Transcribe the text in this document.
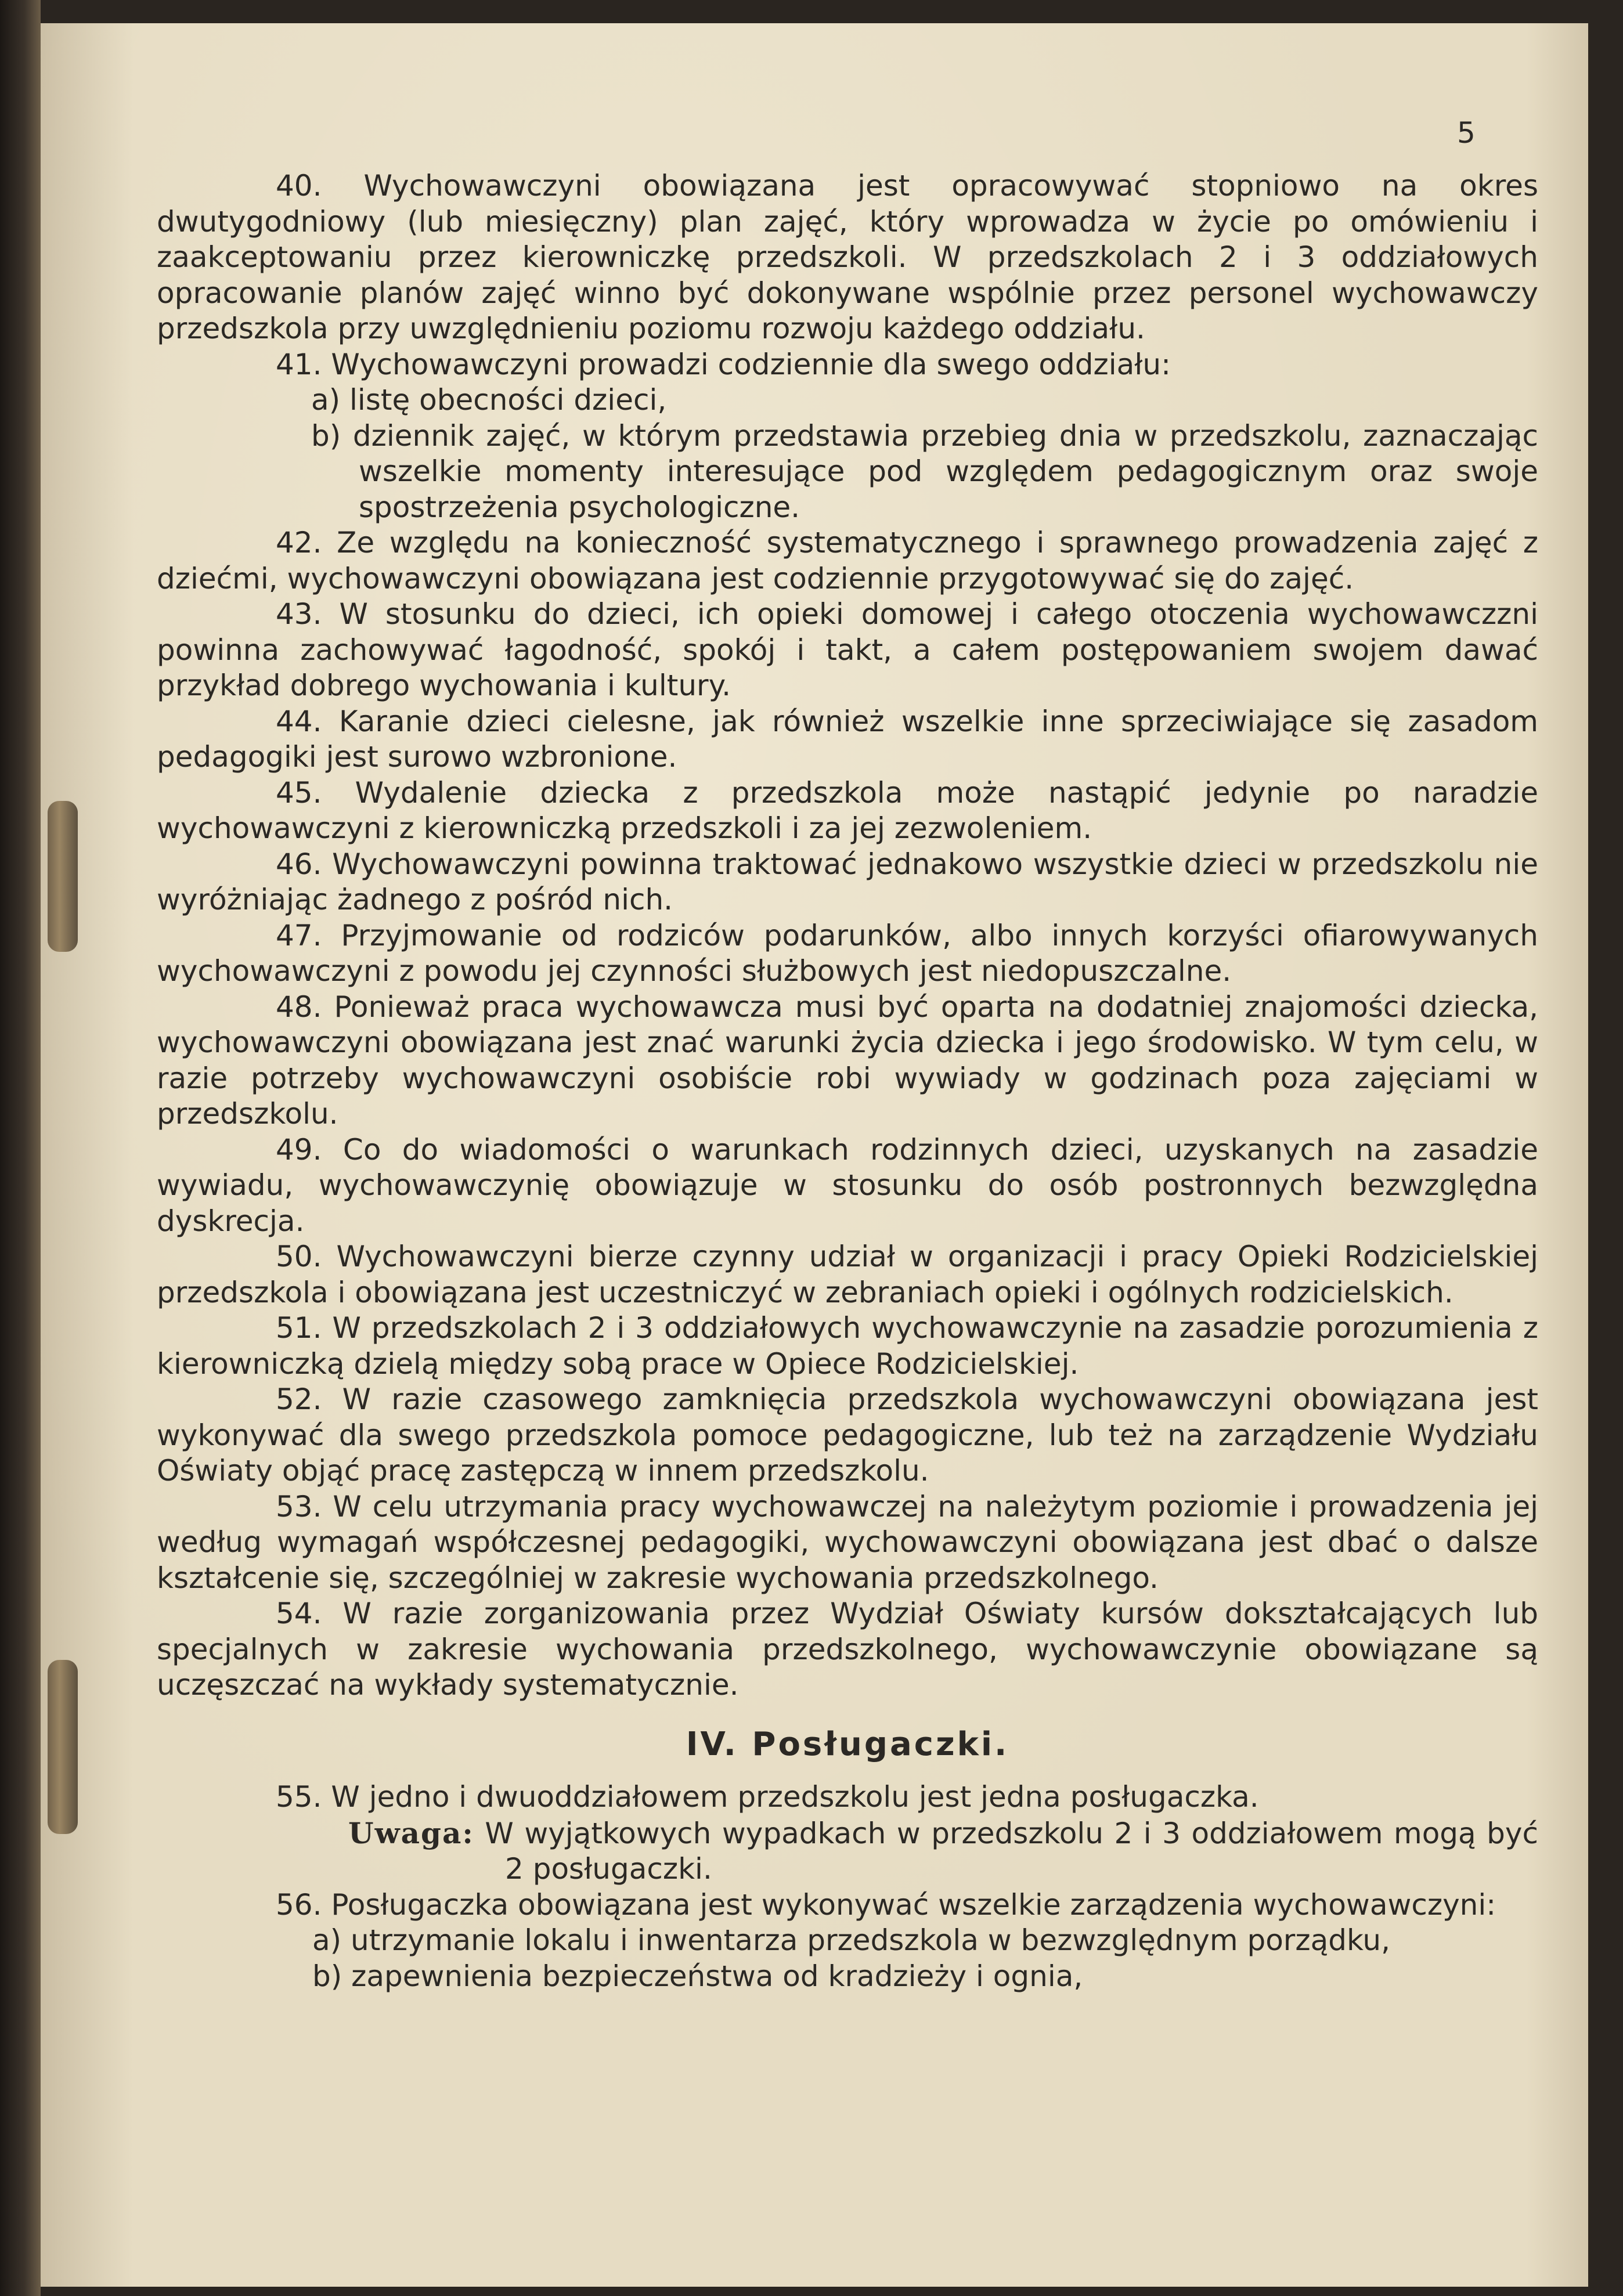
5

40. Wychowawczyni obowiązana jest opracowywać stopniowo na okres dwutygodniowy (lub miesięczny) plan zajęć, który wprowadza w życie po omówieniu i zaakceptowaniu przez kierowniczkę przedszkoli. W przedszkolach 2 i 3 oddziałowych opracowanie planów zajęć winno być dokonywane wspólnie przez personel wychowawczy przedszkola przy uwzględnieniu poziomu rozwoju każdego oddziału.

41. Wychowawczyni prowadzi codziennie dla swego oddziału:

a) listę obecności dzieci,

b) dziennik zajęć, w którym przedstawia przebieg dnia w przedszkolu, zaznaczając wszelkie momenty interesujące pod względem pedagogicznym oraz swoje spostrzeżenia psychologiczne.

42. Ze względu na konieczność systematycznego i sprawnego prowadzenia zajęć z dziećmi, wychowawczyni obowiązana jest codziennie przygotowywać się do zajęć.

43. W stosunku do dzieci, ich opieki domowej i całego otoczenia wychowawczzni powinna zachowywać łagodność, spokój i takt, a całem postępowaniem swojem dawać przykład dobrego wychowania i kultury.

44. Karanie dzieci cielesne, jak również wszelkie inne sprzeciwiające się zasadom pedagogiki jest surowo wzbronione.

45. Wydalenie dziecka z przedszkola może nastąpić jedynie po naradzie wychowawczyni z kierowniczką przedszkoli i za jej zezwoleniem.

46. Wychowawczyni powinna traktować jednakowo wszystkie dzieci w przedszkolu nie wyróżniając żadnego z pośród nich.

47. Przyjmowanie od rodziców podarunków, albo innych korzyści ofiarowywanych wychowawczyni z powodu jej czynności służbowych jest niedopuszczalne.

48. Ponieważ praca wychowawcza musi być oparta na dodatniej znajomości dziecka, wychowawczyni obowiązana jest znać warunki życia dziecka i jego środowisko. W tym celu, w razie potrzeby wychowawczyni osobiście robi wywiady w godzinach poza zajęciami w przedszkolu.

49. Co do wiadomości o warunkach rodzinnych dzieci, uzyskanych na zasadzie wywiadu, wychowawczynię obowiązuje w stosunku do osób postronnych bezwzględna dyskrecja.

50. Wychowawczyni bierze czynny udział w organizacji i pracy Opieki Rodzicielskiej przedszkola i obowiązana jest uczestniczyć w zebraniach opieki i ogólnych rodzicielskich.

51. W przedszkolach 2 i 3 oddziałowych wychowawczynie na zasadzie porozumienia z kierowniczką dzielą między sobą prace w Opiece Rodzicielskiej.

52. W razie czasowego zamknięcia przedszkola wychowawczyni obowiązana jest wykonywać dla swego przedszkola pomoce pedagogiczne, lub też na zarządzenie Wydziału Oświaty objąć pracę zastępczą w innem przedszkolu.

53. W celu utrzymania pracy wychowawczej na należytym poziomie i prowadzenia jej według wymagań współczesnej pedagogiki, wychowawczyni obowiązana jest dbać o dalsze kształcenie się, szczególniej w zakresie wychowania przedszkolnego.

54. W razie zorganizowania przez Wydział Oświaty kursów dokształcających lub specjalnych w zakresie wychowania przedszkolnego, wychowawczynie obowiązane są uczęszczać na wykłady systematycznie.

IV. Posługaczki.

55. W jedno i dwuoddziałowem przedszkolu jest jedna posługaczka.

Uwaga: W wyjątkowych wypadkach w przedszkolu 2 i 3 oddziałowem mogą być 2 posługaczki.

56. Posługaczka obowiązana jest wykonywać wszelkie zarządzenia wychowawczyni:

a) utrzymanie lokalu i inwentarza przedszkola w bezwzględnym porządku,

b) zapewnienia bezpieczeństwa od kradzieży i ognia,
